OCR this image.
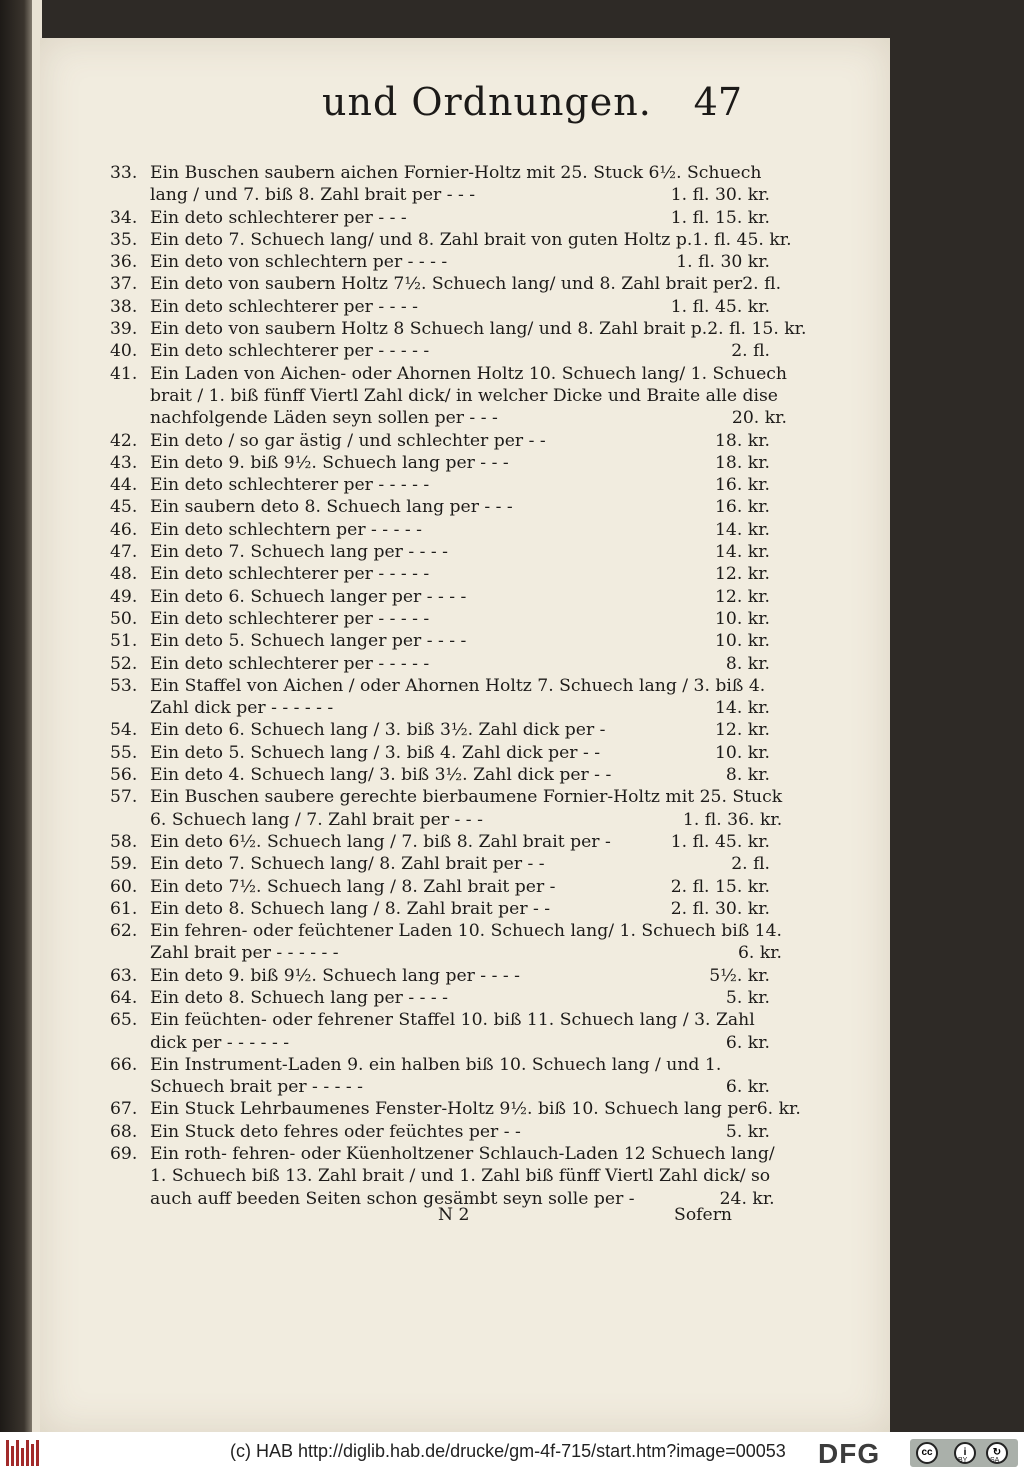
und Ordnungen. 47
33. Ein Buschen saubern aichen Fornier-Holtz mit 25. Stuck 6½. Schuech
lang / und 7. biß 8. Zahl brait per - - -	1. fl. 30. kr.
34. Ein deto schlechterer per - - -	1. fl. 15. kr.
35. Ein deto 7. Schuech lang/ und 8. Zahl brait von guten Holtz p. 1. fl. 45. kr.
36. Ein deto von schlechtern per - - - -	1. fl. 30 kr.
37. Ein deto von saubern Holtz 7½. Schuech lang/ und 8. Zahl brait per 2. fl.
38. Ein deto schlechterer per - - - -	1. fl. 45. kr.
39. Ein deto von saubern Holtz 8 Schuech lang/ und 8. Zahl brait p. 2. fl. 15. kr.
40. Ein deto schlechterer per - - - - -	2. fl.
41. Ein Laden von Aichen- oder Ahornen Holtz 10. Schuech lang/ 1. Schuech
brait / 1. biß fünff Viertl Zahl dick/ in welcher Dicke und Braite alle dise
nachfolgende Läden seyn sollen per - - -	20. kr.
42. Ein deto / so gar ästig / und schlechter per - -	18. kr.
43. Ein deto 9. biß 9½. Schuech lang per - - -	18. kr.
44. Ein deto schlechterer per - - - - -	16. kr.
45. Ein saubern deto 8. Schuech lang per - - -	16. kr.
46. Ein deto schlechtern per - - - - -	14. kr.
47. Ein deto 7. Schuech lang per - - - -	14. kr.
48. Ein deto schlechterer per - - - - -	12. kr.
49. Ein deto 6. Schuech langer per - - - -	12. kr.
50. Ein deto schlechterer per - - - - -	10. kr.
51. Ein deto 5. Schuech langer per - - - -	10. kr.
52. Ein deto schlechterer per - - - - -	8. kr.
53. Ein Staffel von Aichen / oder Ahornen Holtz 7. Schuech lang / 3. biß 4.
Zahl dick per - - - - - -	14. kr.
54. Ein deto 6. Schuech lang / 3. biß 3½. Zahl dick per -	12. kr.
55. Ein deto 5. Schuech lang / 3. biß 4. Zahl dick per - -	10. kr.
56. Ein deto 4. Schuech lang/ 3. biß 3½. Zahl dick per - -	8. kr.
57. Ein Buschen saubere gerechte bierbaumene Fornier-Holtz mit 25. Stuck
6. Schuech lang / 7. Zahl brait per - - -	1. fl. 36. kr.
58. Ein deto 6½. Schuech lang / 7. biß 8. Zahl brait per -	1. fl. 45. kr.
59. Ein deto 7. Schuech lang/ 8. Zahl brait per - -	2. fl.
60. Ein deto 7½. Schuech lang / 8. Zahl brait per -	2. fl. 15. kr.
61. Ein deto 8. Schuech lang / 8. Zahl brait per - -	2. fl. 30. kr.
62. Ein fehren- oder feüchtener Laden 10. Schuech lang/ 1. Schuech biß 14.
Zahl brait per - - - - - -	6. kr.
63. Ein deto 9. biß 9½. Schuech lang per - - - -	5½. kr.
64. Ein deto 8. Schuech lang per - - - -	5. kr.
65. Ein feüchten- oder fehrener Staffel 10. biß 11. Schuech lang / 3. Zahl
dick per - - - - - -	6. kr.
66. Ein Instrument-Laden 9. ein halben biß 10. Schuech lang / und 1.
Schuech brait per - - - - -	6. kr.
67. Ein Stuck Lehrbaumenes Fenster-Holtz 9½. biß 10. Schuech lang per 6. kr.
68. Ein Stuck deto fehres oder feüchtes per - -	5. kr.
69. Ein roth- fehren- oder Küenholtzener Schlauch-Laden 12 Schuech lang/
1. Schuech biß 13. Zahl brait / und 1. Zahl biß fünff Viertl Zahl dick/ so
auch auff beeden Seiten schon gesämbt seyn solle per -	24. kr.
N 2	Sofern
(c) HAB http://diglib.hab.de/drucke/gm-4f-715/start.htm?image=00053 DFG	cc	i	↻
BY	SA
